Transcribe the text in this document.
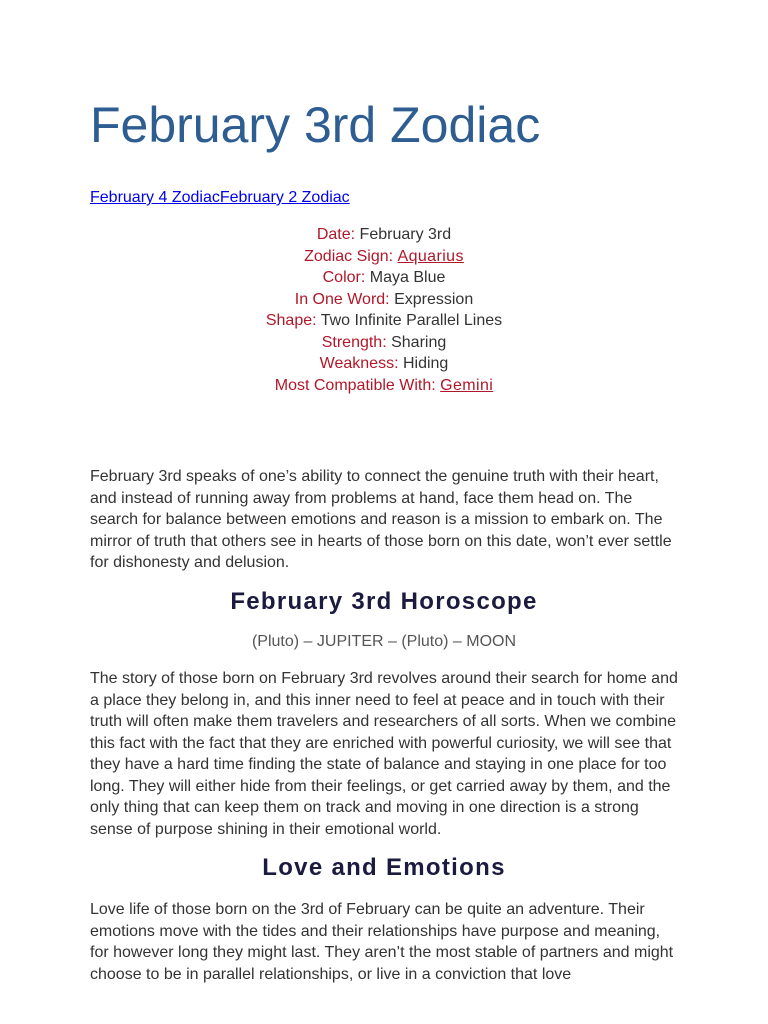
February 3rd Zodiac
February 4 ZodiacFebruary 2 Zodiac
Date: February 3rd
Zodiac Sign: Aquarius
Color: Maya Blue
In One Word: Expression
Shape: Two Infinite Parallel Lines
Strength: Sharing
Weakness: Hiding
Most Compatible With: Gemini

February 3rd speaks of one’s ability to connect the genuine truth with their heart, and instead of running away from problems at hand, face them head on. The search for balance between emotions and reason is a mission to embark on. The mirror of truth that others see in hearts of those born on this date, won’t ever settle for dishonesty and delusion.

February 3rd Horoscope
(Pluto) – JUPITER – (Pluto) – MOON

The story of those born on February 3rd revolves around their search for home and a place they belong in, and this inner need to feel at peace and in touch with their truth will often make them travelers and researchers of all sorts. When we combine this fact with the fact that they are enriched with powerful curiosity, we will see that they have a hard time finding the state of balance and staying in one place for too long. They will either hide from their feelings, or get carried away by them, and the only thing that can keep them on track and moving in one direction is a strong sense of purpose shining in their emotional world.

Love and Emotions

Love life of those born on the 3rd of February can be quite an adventure. Their emotions move with the tides and their relationships have purpose and meaning, for however long they might last. They aren’t the most stable of partners and might choose to be in parallel relationships, or live in a conviction that love
